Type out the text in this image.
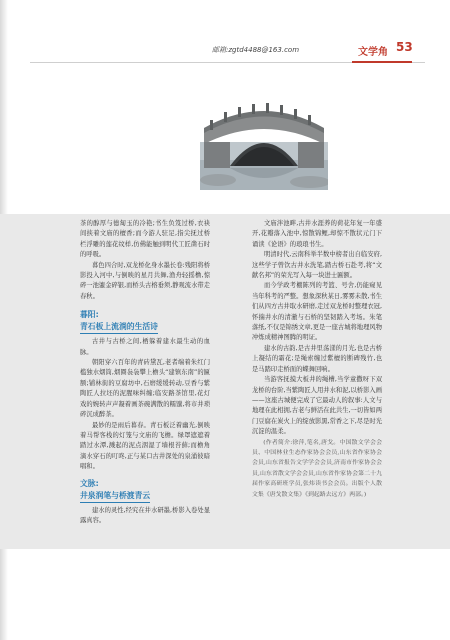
邮箱:zgtd4488@163.com	文学角 53

茶的醇厚与德匐玉的冷艳;书生负笈过桥,衣袂间挟着文庙的檀香;而今游人驻足,指尖抚过桥栏浮雕的莲花纹样,仿佛能触到明代工匠凿石时的呼吸。

暮色四合时,双龙桥化身水墨长卷:残阳将桥影投入河中,与倒映的星月共舞,渔舟轻摇橹,惊碎一池鎏金碎银,而桥头古榕垂须,静观流水带走春秋。

暮阳:
青石板上流淌的生活诗

古井与古桥之间,栖躲着建水最生动的血脉。

朝阳穿六百年的青砖黛瓦,老者端着朱红门槛独水烟筒,烟圈袅袅攀上檐头“建镇东南”的匾额;铺林街的豆腐坊中,石磨缓缓转动,豆香与紫陶匠人拉坯的泥腥味纠缠;临安路茶馆里,花灯戏的婉转声声凝着画茶碗满散的糯馕,将市井琐碎沉成醉茶。

最妙的是雨后暮春。青石板泛着幽光,倒映着马帮客栈的灯笼与文庙的飞檐。绿罩遮遮着踏过水潭,溅起的泥点洇湿了墙根苔藓;而檐角滴水穿石的叮咚,正与某口古井深处的泉涌彼暗唱和。

文脉:
井泉润笔与桥渡青云

建水的灵性,经究在井水研墨,桥影入卷处显露真容。

文庙泮池畔,古井水涯养的荷花年复一年盛开,花瓣落入池中,惊散锦鲤,却惊不散状元门下诵读《论语》的琅琅书生。

明清时代,云南科举半数中榜者出自临安府,这些学子曾饮古井水洗笔,踏古桥石赴考,将“文献名邦”的荣光写入每一块进士匾额。

而今学政考棚陈列的考篮、号舍,仍能窥见当年科考的严整。想象深秋某日,雾雾未散,书生们从四方古井取水研磨,走过双龙桥时整理衣冠,怀揣井水的清澈与石桥的坚韧踏入考场。朱笔落纸,不仅是锦绣文章,更是一座古城将地理风物冲炼成精神图腾的明证。

建水的古韵,是古井里荡漾的月光,也是古桥上凝结的霜花;是绳索缠过紫檀的断碑残竹,也是马踏印走桥面的蝶舞回响。

当游客抚摸大板井的绳槽,当学童撒呀下双龙桥的台阶,当紫陶匠人用井水和泥,以桥影入画——这座古城便完成了它最动人的叙事:人文与地理在此相拥,古老与鲜活在此共生,一切皆如两门豆腐在炭火上的绽放影黑,常香之下,尽是时光沉淀的温柔。

(作者简介:徐萍,笔名,唐戈。中国散文学会会员、中国林业生态作家协会会员,山东省作家协会会员,山东省报告文学学会会员,济南市作家协会会员,山东省散文学会会员,山东省作家协会第二十九届作家高研班学员,张炜读书会会员。出版个人散文集《唐戈散文集》《到起路去远方》两部。)
